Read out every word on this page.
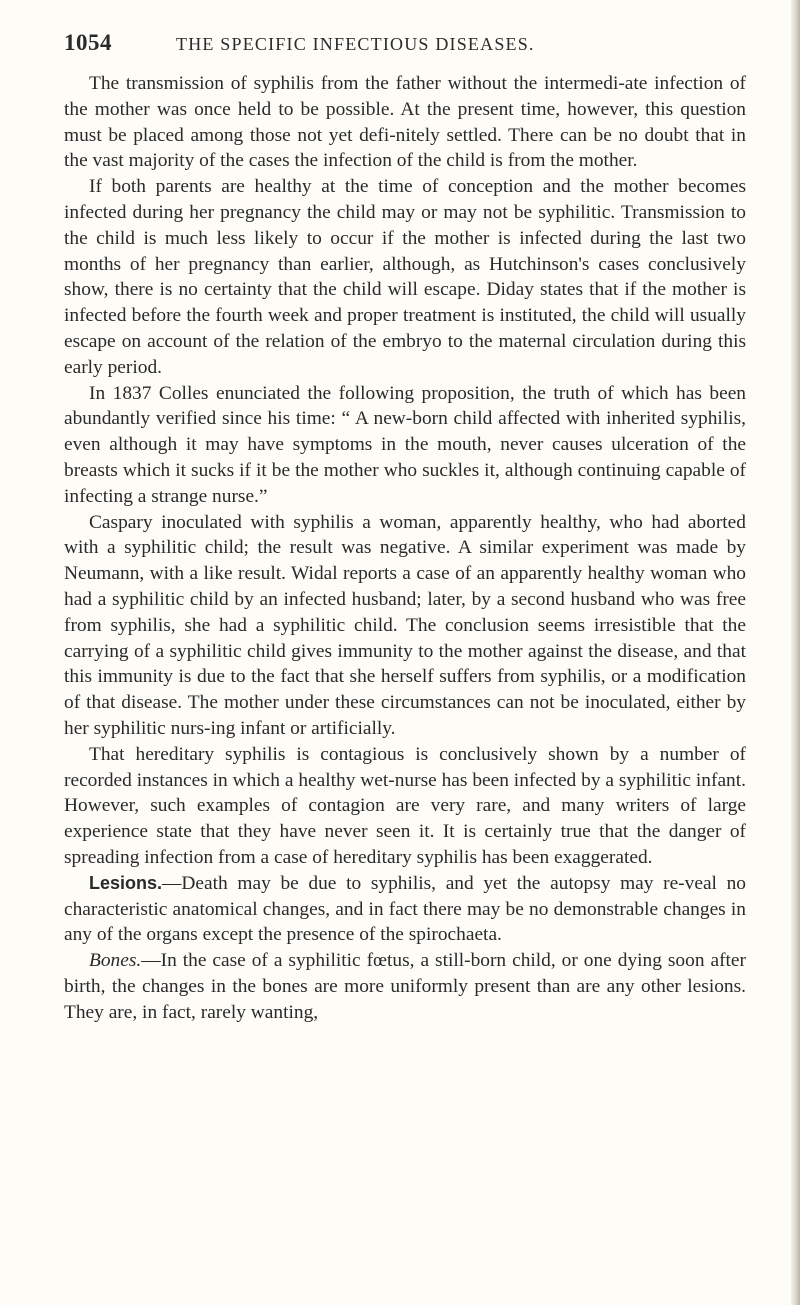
1054	THE SPECIFIC INFECTIOUS DISEASES.

The transmission of syphilis from the father without the intermedi-ate infection of the mother was once held to be possible. At the present time, however, this question must be placed among those not yet defi-nitely settled. There can be no doubt that in the vast majority of the cases the infection of the child is from the mother.

If both parents are healthy at the time of conception and the mother becomes infected during her pregnancy the child may or may not be syphilitic. Transmission to the child is much less likely to occur if the mother is infected during the last two months of her pregnancy than earlier, although, as Hutchinson's cases conclusively show, there is no certainty that the child will escape. Diday states that if the mother is infected before the fourth week and proper treatment is instituted, the child will usually escape on account of the relation of the embryo to the maternal circulation during this early period.

In 1837 Colles enunciated the following proposition, the truth of which has been abundantly verified since his time: “ A new-born child affected with inherited syphilis, even although it may have symptoms in the mouth, never causes ulceration of the breasts which it sucks if it be the mother who suckles it, although continuing capable of infecting a strange nurse.”

Caspary inoculated with syphilis a woman, apparently healthy, who had aborted with a syphilitic child; the result was negative. A similar experiment was made by Neumann, with a like result. Widal reports a case of an apparently healthy woman who had a syphilitic child by an infected husband; later, by a second husband who was free from syphilis, she had a syphilitic child. The conclusion seems irresistible that the carrying of a syphilitic child gives immunity to the mother against the disease, and that this immunity is due to the fact that she herself suffers from syphilis, or a modification of that disease. The mother under these circumstances can not be inoculated, either by her syphilitic nurs-ing infant or artificially.

That hereditary syphilis is contagious is conclusively shown by a number of recorded instances in which a healthy wet-nurse has been infected by a syphilitic infant. However, such examples of contagion are very rare, and many writers of large experience state that they have never seen it. It is certainly true that the danger of spreading infection from a case of hereditary syphilis has been exaggerated.

Lesions.—Death may be due to syphilis, and yet the autopsy may re-veal no characteristic anatomical changes, and in fact there may be no demonstrable changes in any of the organs except the presence of the spirochaeta.

Bones.—In the case of a syphilitic fœtus, a still-born child, or one dying soon after birth, the changes in the bones are more uniformly present than are any other lesions. They are, in fact, rarely wanting,
